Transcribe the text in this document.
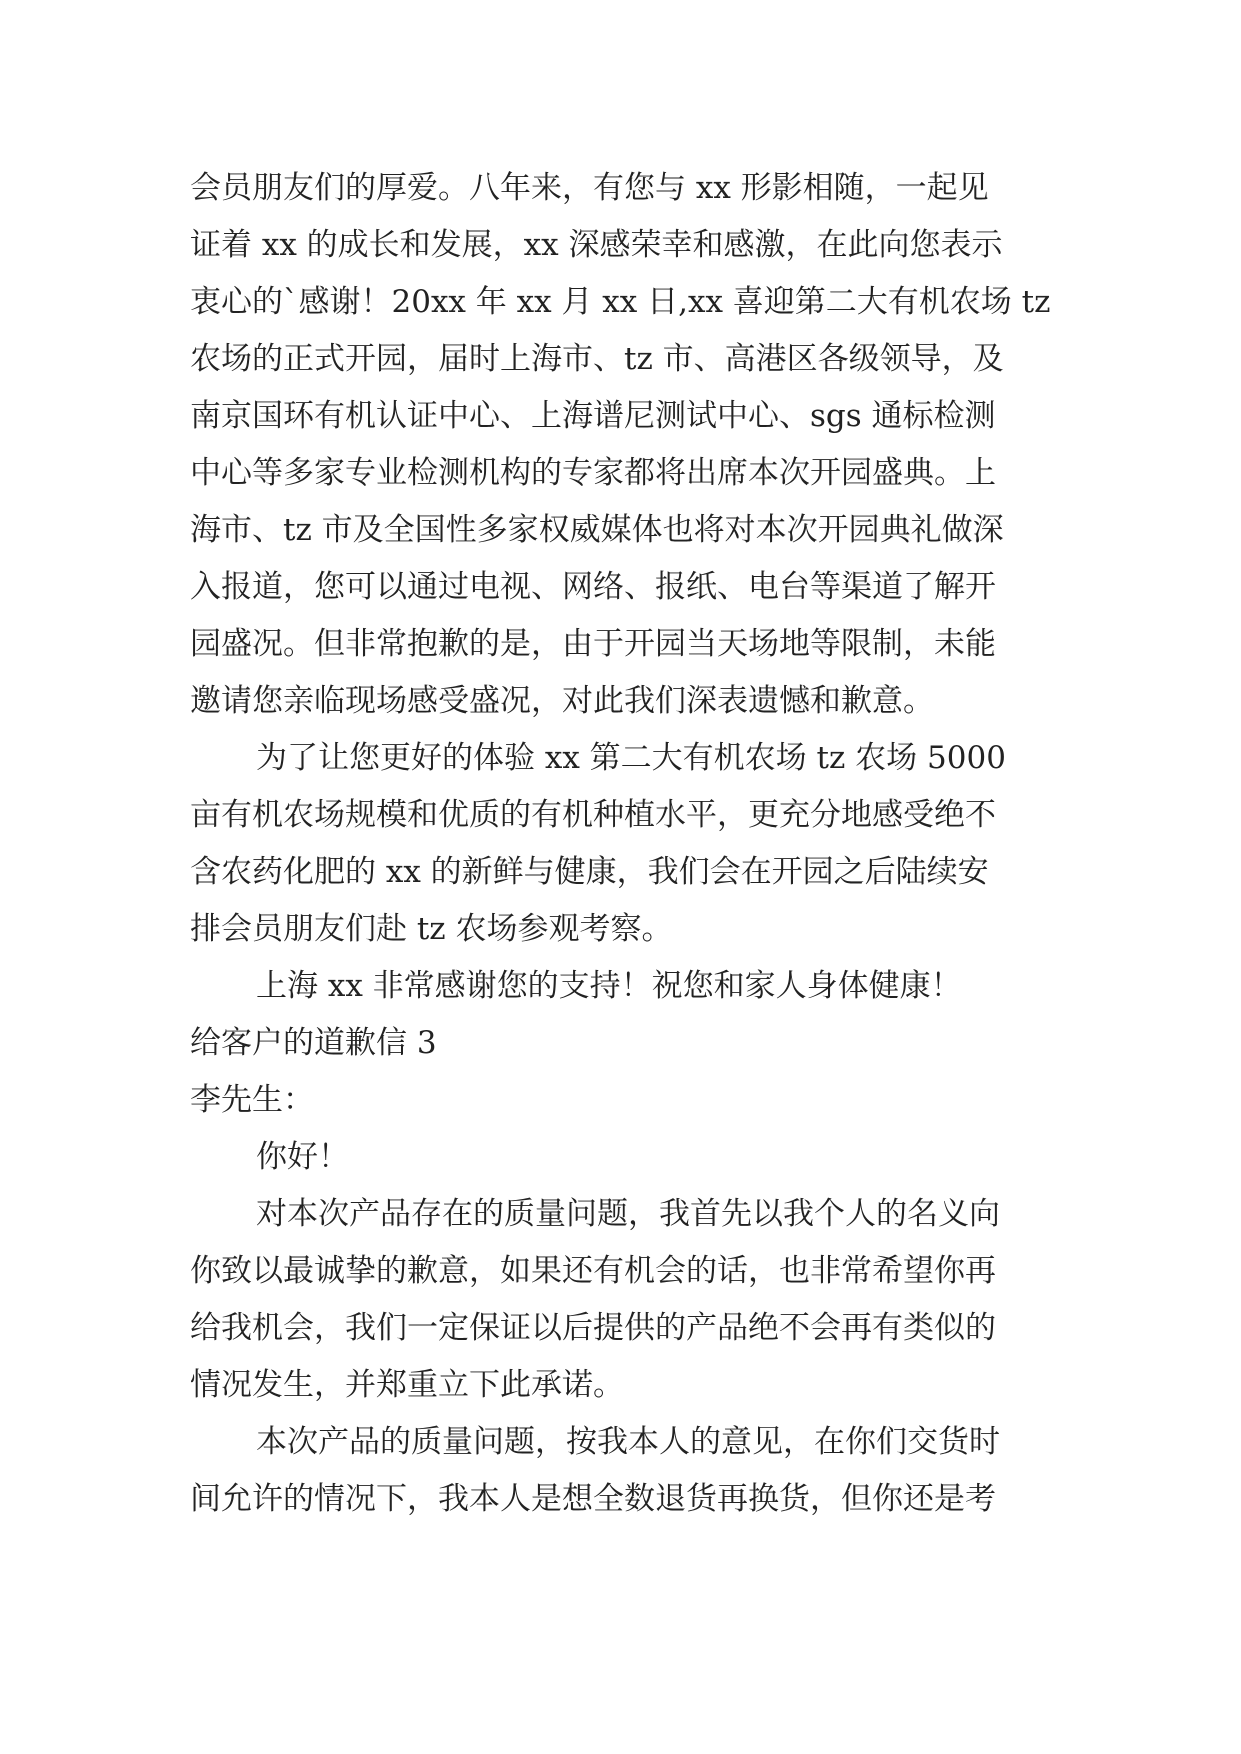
会员朋友们的厚爱。八年来，有您与 xx 形影相随，一起见
证着 xx 的成长和发展，xx 深感荣幸和感激，在此向您表示
衷心的`感谢！20xx 年 xx 月 xx 日,xx 喜迎第二大有机农场 tz
农场的正式开园，届时上海市、tz 市、高港区各级领导，及
南京国环有机认证中心、上海谱尼测试中心、sgs 通标检测
中心等多家专业检测机构的专家都将出席本次开园盛典。上
海市、tz 市及全国性多家权威媒体也将对本次开园典礼做深
入报道，您可以通过电视、网络、报纸、电台等渠道了解开
园盛况。但非常抱歉的是，由于开园当天场地等限制，未能
邀请您亲临现场感受盛况，对此我们深表遗憾和歉意。
为了让您更好的体验 xx 第二大有机农场 tz 农场 5000
亩有机农场规模和优质的有机种植水平，更充分地感受绝不
含农药化肥的 xx 的新鲜与健康，我们会在开园之后陆续安
排会员朋友们赴 tz 农场参观考察。
上海 xx 非常感谢您的支持！祝您和家人身体健康！
给客户的道歉信 3
李先生：
你好！
对本次产品存在的质量问题，我首先以我个人的名义向
你致以最诚挚的歉意，如果还有机会的话，也非常希望你再
给我机会，我们一定保证以后提供的产品绝不会再有类似的
情况发生，并郑重立下此承诺。
本次产品的质量问题，按我本人的意见，在你们交货时
间允许的情况下，我本人是想全数退货再换货，但你还是考
